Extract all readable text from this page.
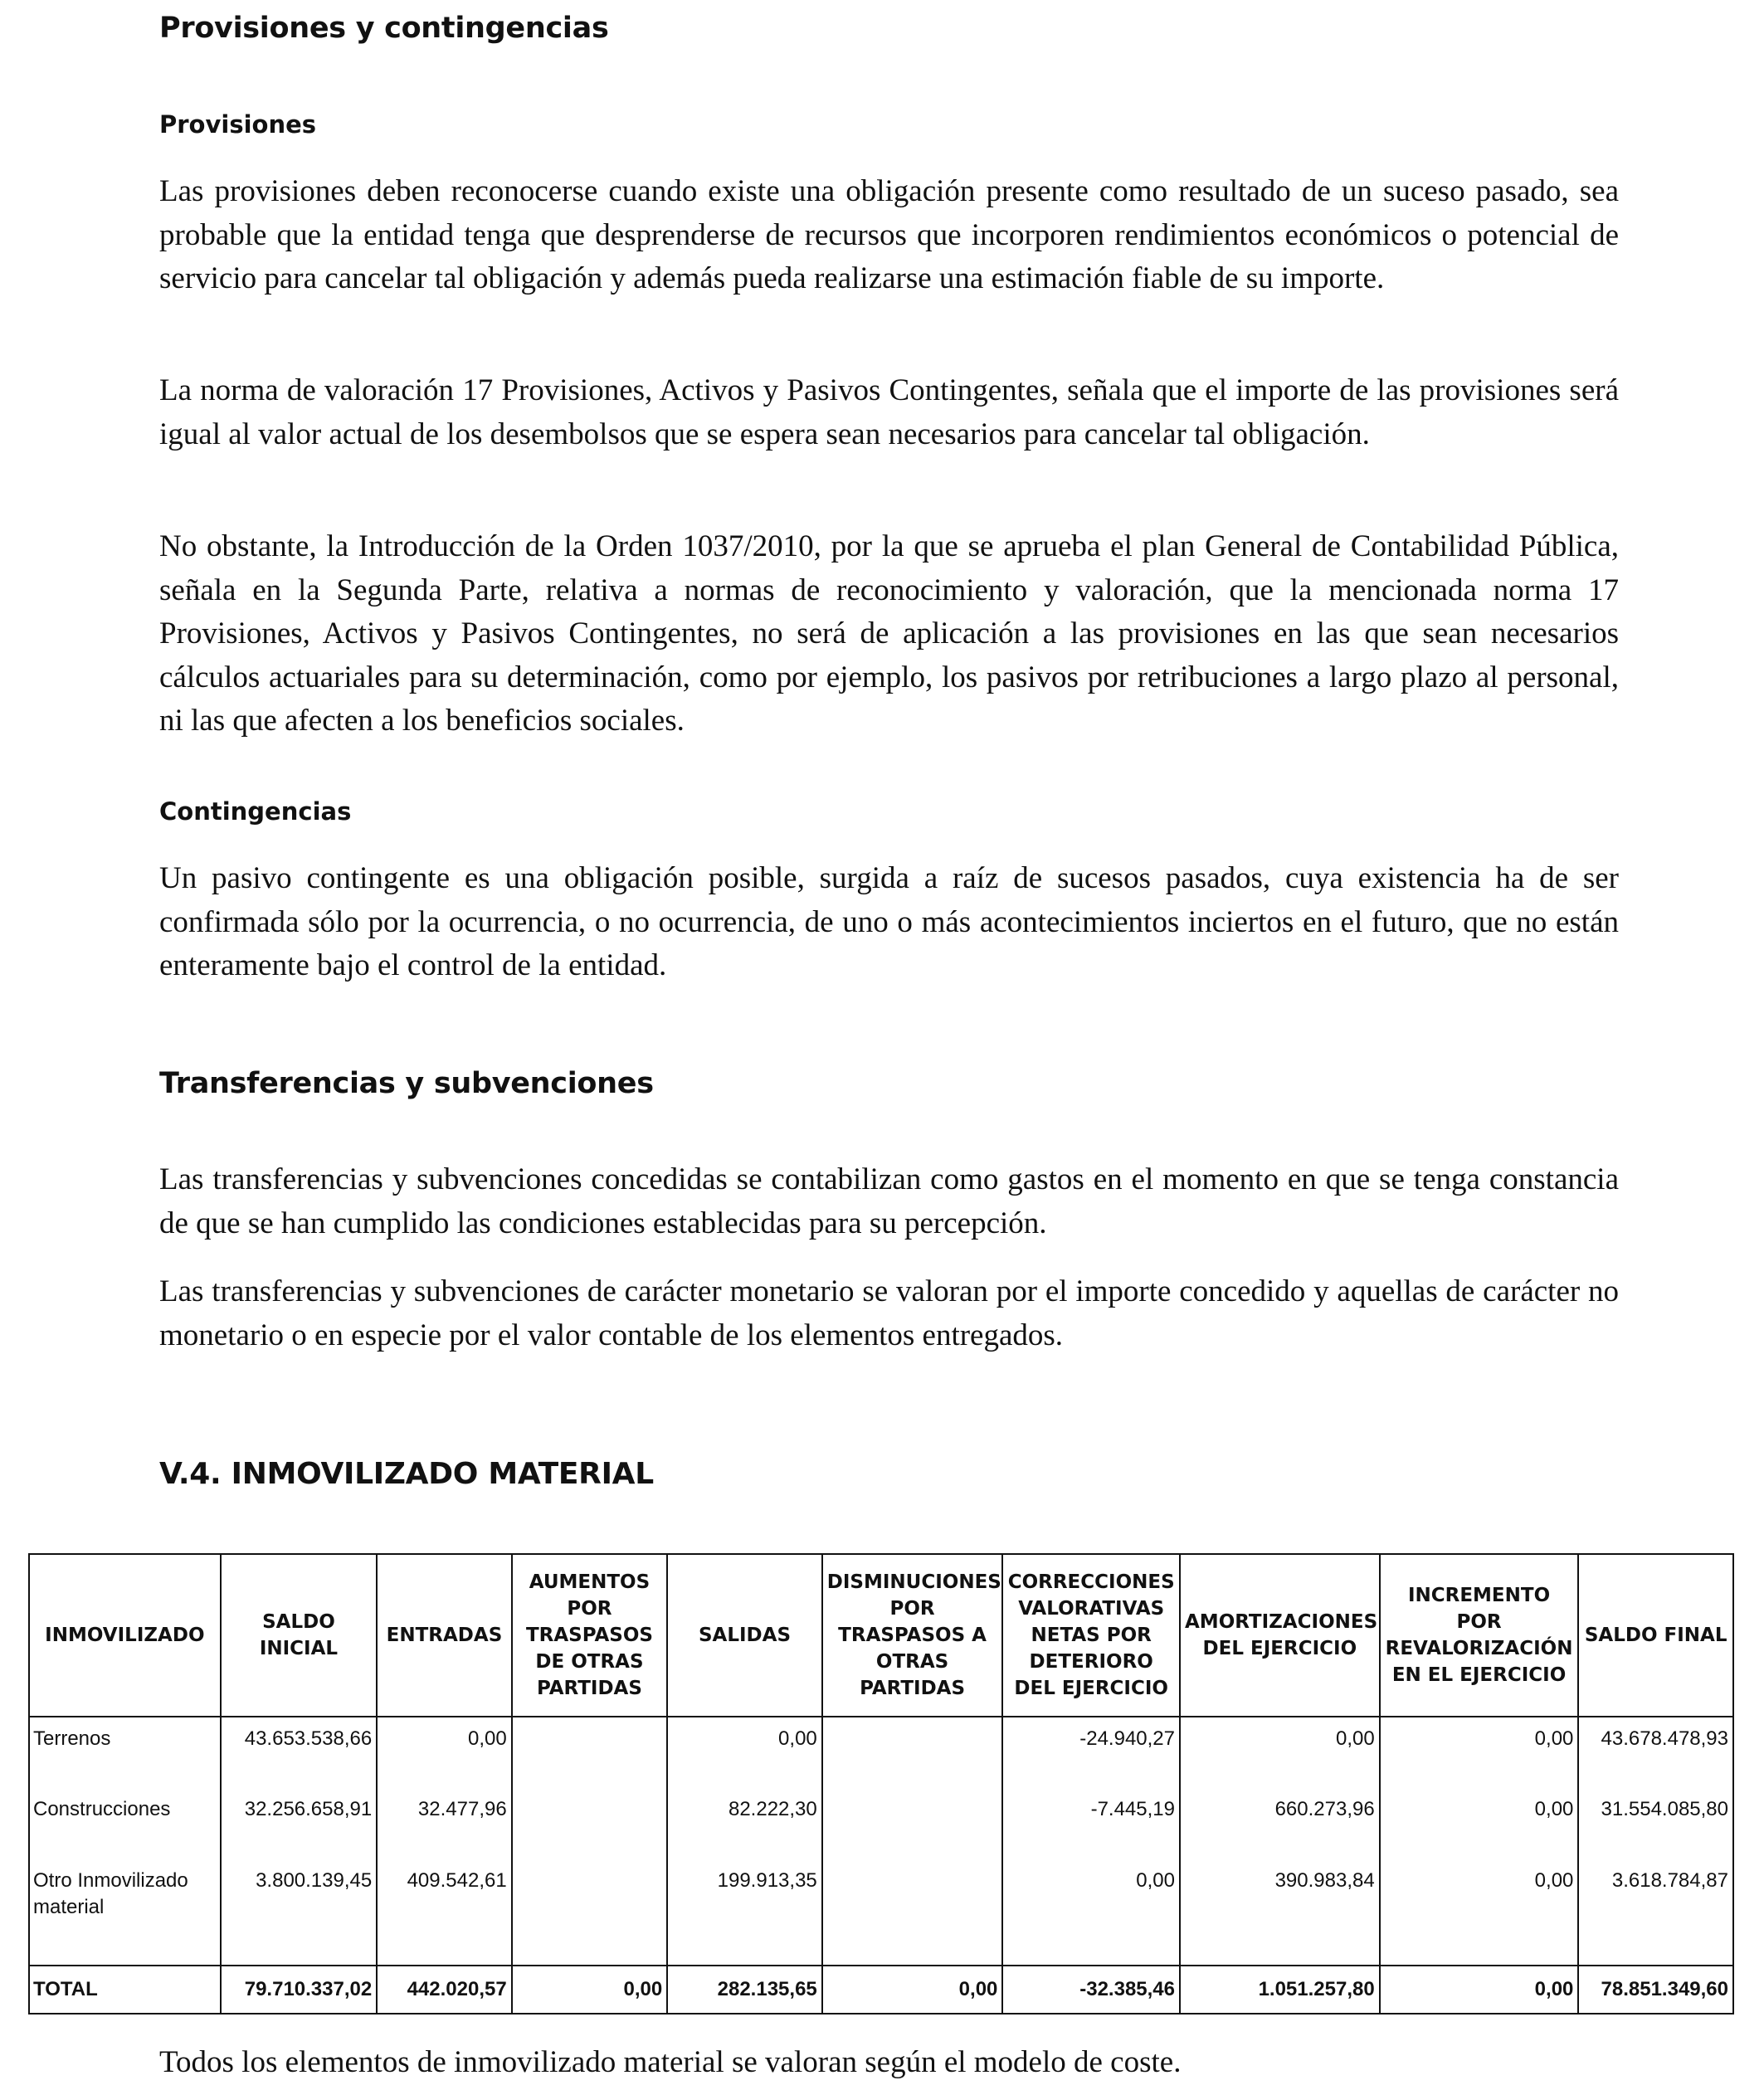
Provisiones y contingencias
Provisiones

Las provisiones deben reconocerse cuando existe una obligación presente como resultado de un suceso pasado, sea probable que la entidad tenga que desprenderse de recursos que incorporen rendimientos económicos o potencial de servicio para cancelar tal obligación y además pueda realizarse una estimación fiable de su importe.

La norma de valoración 17 Provisiones, Activos y Pasivos Contingentes, señala que el importe de las provisiones será igual al valor actual de los desembolsos que se espera sean necesarios para cancelar tal obligación.

No obstante, la Introducción de la Orden 1037/2010, por la que se aprueba el plan General de Contabilidad Pública, señala en la Segunda Parte, relativa a normas de reconocimiento y valoración, que la mencionada norma 17 Provisiones, Activos y Pasivos Contingentes, no será de aplicación a las provisiones en las que sean necesarios cálculos actuariales para su determinación, como por ejemplo, los pasivos por retribuciones a largo plazo al personal, ni las que afecten a los beneficios sociales.

Contingencias

Un pasivo contingente es una obligación posible, surgida a raíz de sucesos pasados, cuya existencia ha de ser confirmada sólo por la ocurrencia, o no ocurrencia, de uno o más acontecimientos inciertos en el futuro, que no están enteramente bajo el control de la entidad.

Transferencias y subvenciones

Las transferencias y subvenciones concedidas se contabilizan como gastos en el momento en que se tenga constancia de que se han cumplido las condiciones establecidas para su percepción.

Las transferencias y subvenciones de carácter monetario se valoran por el importe concedido y aquellas de carácter no monetario o en especie por el valor contable de los elementos entregados.

V.4. INMOVILIZADO MATERIAL
INMOVILIZADO	SALDO INICIAL	ENTRADAS	AUMENTOS POR TRASPASOS DE OTRAS PARTIDAS	SALIDAS	DISMINUCIONES POR TRASPASOS A OTRAS PARTIDAS	CORRECCIONES VALORATIVAS NETAS POR DETERIORO DEL EJERCICIO	AMORTIZACIONES DEL EJERCICIO	INCREMENTO POR REVALORIZACIÓN EN EL EJERCICIO	SALDO FINAL
Terrenos	43.653.538,66	0,00		0,00		-24.940,27	0,00	0,00	43.678.478,93
Construcciones	32.256.658,91	32.477,96		82.222,30		-7.445,19	660.273,96	0,00	31.554.085,80
Otro Inmovilizado material	3.800.139,45	409.542,61		199.913,35		0,00	390.983,84	0,00	3.618.784,87
TOTAL	79.710.337,02	442.020,57	0,00	282.135,65	0,00	-32.385,46	1.051.257,80	0,00	78.851.349,60

Todos los elementos de inmovilizado material se valoran según el modelo de coste.
